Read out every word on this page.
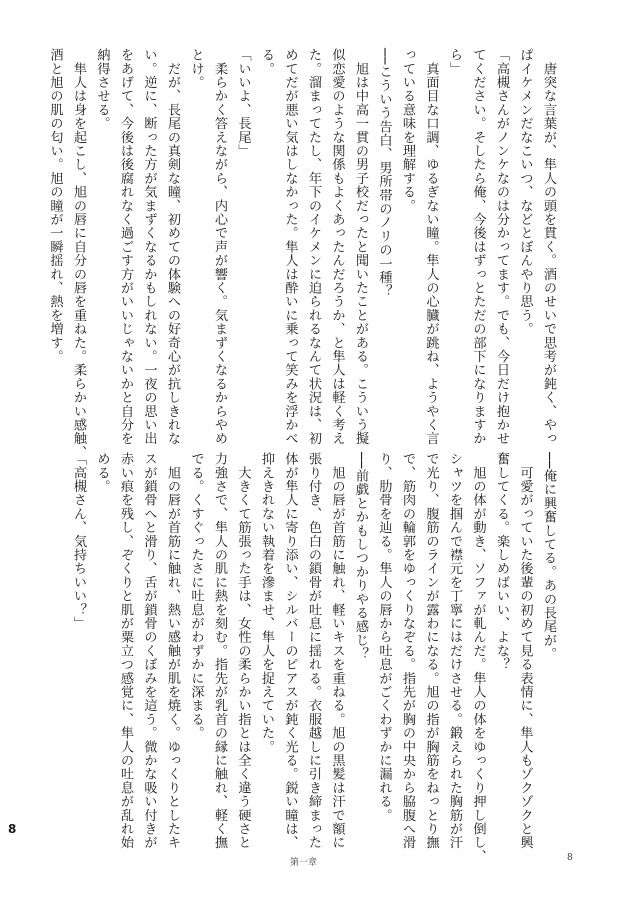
　唐突な言葉が、隼人の頭を貫く。酒のせいで思考が鈍く、やっ
ぱイケメンだなこいつ、などとぼんやり思う。
「高槻さんがノンケなのは分かってます。でも、今日だけ抱かせ
てください。そしたら俺、今後はずっとただの部下になりますか
ら」
　真面目な口調、ゆるぎない瞳。隼人の心臓が跳ね、ようやく言
っている意味を理解する。
──こういう告白、男所帯のノリの一種？
　旭は中高一貫の男子校だったと聞いたことがある。こういう擬
似恋愛のような関係もよくあったんだろうか、と隼人は軽く考え
た。溜まってたし、年下のイケメンに迫られるなんて状況は、初
めてだが悪い気はしなかった。隼人は酔いに乗って笑みを浮かべ
る。
「いいよ、長尾」
　柔らかく答えながら、内心で声が響く。気まずくなるからやめ
とけ。
　だが、長尾の真剣な瞳、初めての体験への好奇心が抗しきれな
い。逆に、断った方が気まずくなるかもしれない。一夜の思い出
をあげて、今後は後腐れなく過ごす方がいいじゃないかと自分を
納得させる。
　隼人は身を起こし、旭の唇に自分の唇を重ねた。柔らかい感触、
酒と旭の肌の匂い。旭の瞳が一瞬揺れ、熱を増す。
──俺に興奮してる。あの長尾が。
　可愛がっていた後輩の初めて見る表情に、隼人もゾクゾクと興
奮してくる。楽しめばいい、よな？
　旭の体が動き、ソファが軋んだ。隼人の体をゆっくり押し倒し、
シャツを掴んで襟元を丁寧にはだけさせる。鍛えられた胸筋が汗
で光り、腹筋のラインが露わになる。旭の指が胸筋をねっとり撫
で、筋肉の輪郭をゆっくりなぞる。指先が胸の中央から脇腹へ滑
り、肋骨を辿る。隼人の唇から吐息がごくわずかに漏れる。
──前戯とかもしつかりやる感じ？
　旭の唇が首筋に触れ、軽いキスを重ねる。旭の黒髪は汗で額に
張り付き、色白の鎖骨が吐息に揺れる。衣服越しに引き締まった
体が隼人に寄り添い、シルバーのピアスが鈍く光る。鋭い瞳は、
抑えきれない執着を滲ませ、隼人を捉えていた。
　大きくて筋張った手は、女性の柔らかい指とは全く違う硬さと
力強さで、隼人の肌に熱を刻む。指先が乳首の縁に触れ、軽く撫
でる。くすぐったさに吐息がわずかに深まる。
　旭の唇が首筋に触れ、熱い感触が肌を焼く。ゆっくりとしたキ
スが鎖骨へと滑り、舌が鎖骨のくぼみを這う。微かな吸い付きが
赤い痕を残し、ぞくりと肌が粟立つ感覚に、隼人の吐息が乱れ始
める。
「高槻さん、気持ちいい？」
8
第一章	8
